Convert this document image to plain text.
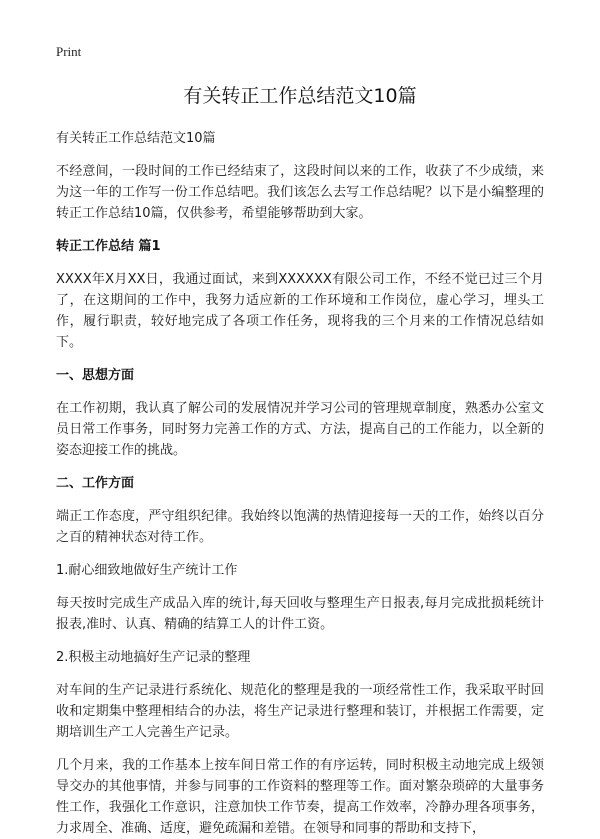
Print
有关转正工作总结范文10篇

有关转正工作总结范文10篇

不经意间，一段时间的工作已经结束了，这段时间以来的工作，收获了不少成绩，来为这一年的工作写一份工作总结吧。我们该怎么去写工作总结呢？以下是小编整理的转正工作总结10篇，仅供参考，希望能够帮助到大家。

转正工作总结 篇1

XXXX年X月XX日，我通过面试，来到XXXXXX有限公司工作，不经不觉已过三个月了，在这期间的工作中，我努力适应新的工作环境和工作岗位，虚心学习，埋头工作，履行职责，较好地完成了各项工作任务，现将我的三个月来的工作情况总结如下。

一、思想方面

在工作初期，我认真了解公司的发展情况并学习公司的管理规章制度，熟悉办公室文员日常工作事务，同时努力完善工作的方式、方法，提高自己的工作能力，以全新的姿态迎接工作的挑战。

二、工作方面

端正工作态度，严守组织纪律。我始终以饱满的热情迎接每一天的工作，始终以百分之百的精神状态对待工作。

1.耐心细致地做好生产统计工作

每天按时完成生产成品入库的统计,每天回收与整理生产日报表,每月完成批损耗统计报表,准时、认真、精确的结算工人的计件工资。

2.积极主动地搞好生产记录的整理

对车间的生产记录进行系统化、规范化的整理是我的一项经常性工作，我采取平时回收和定期集中整理相结合的办法，将生产记录进行整理和装订，并根据工作需要，定期培训生产工人完善生产记录。

几个月来，我的工作基本上按车间日常工作的有序运转，同时积极主动地完成上级领导交办的其他事情，并参与同事的工作资料的整理等工作。面对繁杂琐碎的大量事务性工作，我强化工作意识，注意加快工作节奏，提高工作效率，冷静办理各项事务，力求周全、准确、适度，避免疏漏和差错。在领导和同事的帮助和支持下，
